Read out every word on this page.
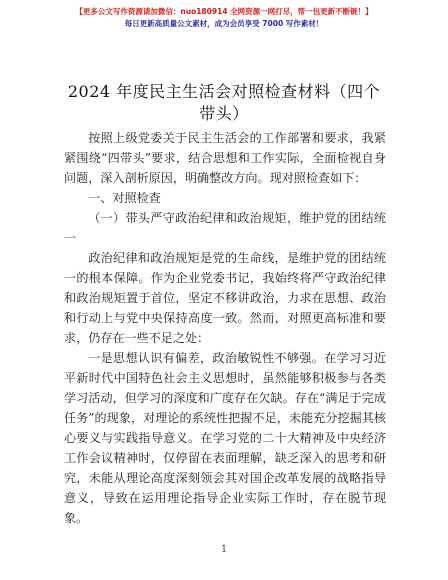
【更多公文写作资源请加微信：nuo180914 全网资源一网打尽，帮一包更新不断链！】
每日更新高质量公文素材，成为会员享受 7000 写作素材！
2024 年度民主生活会对照检查材料（四个带头）

按照上级党委关于民主生活会的工作部署和要求，我紧紧围绕“四带头”要求，结合思想和工作实际，全面检视自身问题，深入剖析原因，明确整改方向。现对照检查如下：

一、对照检查

（一）带头严守政治纪律和政治规矩，维护党的团结统一

政治纪律和政治规矩是党的生命线，是维护党的团结统一的根本保障。作为企业党委书记，我始终将严守政治纪律和政治规矩置于首位，坚定不移讲政治，力求在思想、政治和行动上与党中央保持高度一致。然而，对照更高标准和要求，仍存在一些不足之处：

一是思想认识有偏差，政治敏锐性不够强。在学习习近平新时代中国特色社会主义思想时，虽然能够积极参与各类学习活动，但学习的深度和广度存在欠缺。存在“满足于完成任务”的现象，对理论的系统性把握不足，未能充分挖掘其核心要义与实践指导意义。在学习党的二十大精神及中央经济工作会议精神时，仅停留在表面理解，缺乏深入的思考和研究，未能从理论高度深刻领会其对国企改革发展的战略指导意义，导致在运用理论指导企业实际工作时，存在脱节现象。

1
